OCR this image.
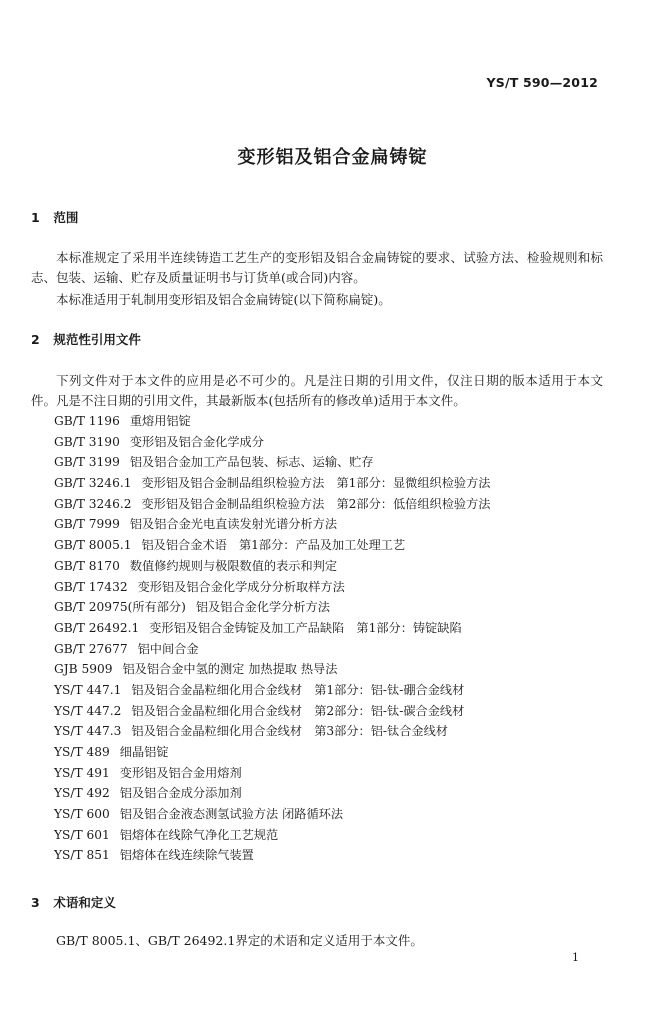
YS/T 590—2012
变形铝及铝合金扁铸锭
1 范围
本标准规定了采用半连续铸造工艺生产的变形铝及铝合金扁铸锭的要求、试验方法、检验规则和标志、包装、运输、贮存及质量证明书与订货单(或合同)内容。
本标准适用于轧制用变形铝及铝合金扁铸锭(以下简称扁锭)。
2 规范性引用文件
下列文件对于本文件的应用是必不可少的。凡是注日期的引用文件，仅注日期的版本适用于本文件。凡是不注日期的引用文件，其最新版本(包括所有的修改单)适用于本文件。
GB/T 1196 重熔用铝锭
GB/T 3190 变形铝及铝合金化学成分
GB/T 3199 铝及铝合金加工产品包装、标志、运输、贮存
GB/T 3246.1 变形铝及铝合金制品组织检验方法　第1部分：显微组织检验方法
GB/T 3246.2 变形铝及铝合金制品组织检验方法　第2部分：低倍组织检验方法
GB/T 7999 铝及铝合金光电直读发射光谱分析方法
GB/T 8005.1 铝及铝合金术语　第1部分：产品及加工处理工艺
GB/T 8170 数值修约规则与极限数值的表示和判定
GB/T 17432 变形铝及铝合金化学成分分析取样方法
GB/T 20975(所有部分) 铝及铝合金化学分析方法
GB/T 26492.1 变形铝及铝合金铸锭及加工产品缺陷　第1部分：铸锭缺陷
GB/T 27677 铝中间合金
GJB 5909 铝及铝合金中氢的测定 加热提取 热导法
YS/T 447.1 铝及铝合金晶粒细化用合金线材　第1部分：铝-钛-硼合金线材
YS/T 447.2 铝及铝合金晶粒细化用合金线材　第2部分：铝-钛-碳合金线材
YS/T 447.3 铝及铝合金晶粒细化用合金线材　第3部分：铝-钛合金线材
YS/T 489 细晶铝锭
YS/T 491 变形铝及铝合金用熔剂
YS/T 492 铝及铝合金成分添加剂
YS/T 600 铝及铝合金液态测氢试验方法 闭路循环法
YS/T 601 铝熔体在线除气净化工艺规范
YS/T 851 铝熔体在线连续除气装置
3 术语和定义
GB/T 8005.1、GB/T 26492.1界定的术语和定义适用于本文件。
1
